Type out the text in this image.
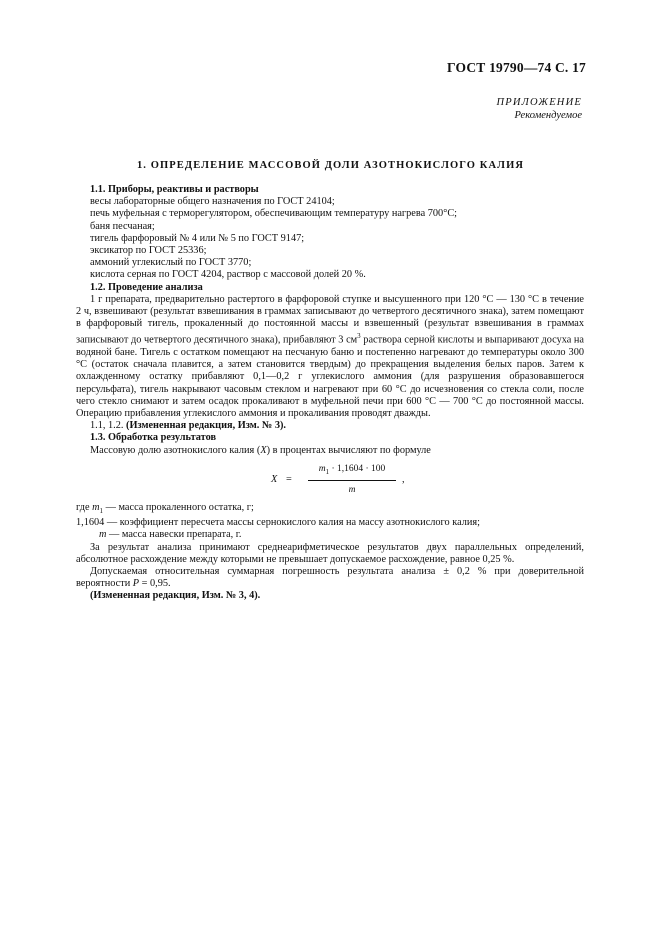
ГОСТ 19790—74 С. 17
ПРИЛОЖЕНИЕ
Рекомендуемое
1. ОПРЕДЕЛЕНИЕ МАССОВОЙ ДОЛИ АЗОТНОКИСЛОГО КАЛИЯ

1.1. Приборы, реактивы и растворы

весы лабораторные общего назначения по ГОСТ 24104;

печь муфельная с терморегулятором, обеспечивающим температуру нагрева 700°С;

баня песчаная;

тигель фарфоровый № 4 или № 5 по ГОСТ 9147;

эксикатор по ГОСТ 25336;

аммоний углекислый по ГОСТ 3770;

кислота серная по ГОСТ 4204, раствор с массовой долей 20 %.

1.2. Проведение анализа

1 г препарата, предварительно растертого в фарфоровой ступке и высушенного при 120 °С — 130 °С в течение 2 ч, взвешивают (результат взвешивания в граммах записывают до четвертого десятичного знака), затем помещают в фарфоровый тигель, прокаленный до постоянной массы и взвешенный (результат взвешивания в граммах записывают до четвертого десятичного знака), прибавляют 3 $см^3$ раствора серной кислоты и выпаривают досуха на водяной бане. Тигель с остатком помещают на песчаную баню и постепенно нагревают до температуры около 300 °С (остаток сначала плавится, а затем становится твердым) до прекращения выделения белых паров. Затем к охлажденному остатку прибавляют 0,1—0,2 г углекислого аммония (для разрушения образовавшегося персульфата), тигель накрывают часовым стеклом и нагревают при 60 °С до исчезновения со стекла соли, после чего стекло снимают и затем осадок прокаливают в муфельной печи при 600 °С — 700 °С до постоянной массы. Операцию прибавления углекислого аммония и прокаливания проводят дважды.

1.1, 1.2. (Измененная редакция, Изм. № 3).

1.3. Обработка результатов

Массовую долю азотнокислого калия (X) в процентах вычисляют по формуле

$X = \frac{m_1 \cdot 1,1604 \cdot 100}{m}$ ,

где $m_1$ — масса прокаленного остатка, г;

1,1604 — коэффициент пересчета массы сернокислого калия на массу азотнокислого калия;

m — масса навески препарата, г.

За результат анализа принимают среднеарифметическое результатов двух параллельных определений, абсолютное расхождение между которыми не превышает допускаемое расхождение, равное 0,25 %.

Допускаемая относительная суммарная погрешность результата анализа ± 0,2 % при доверительной вероятности P = 0,95.

(Измененная редакция, Изм. № 3, 4).
